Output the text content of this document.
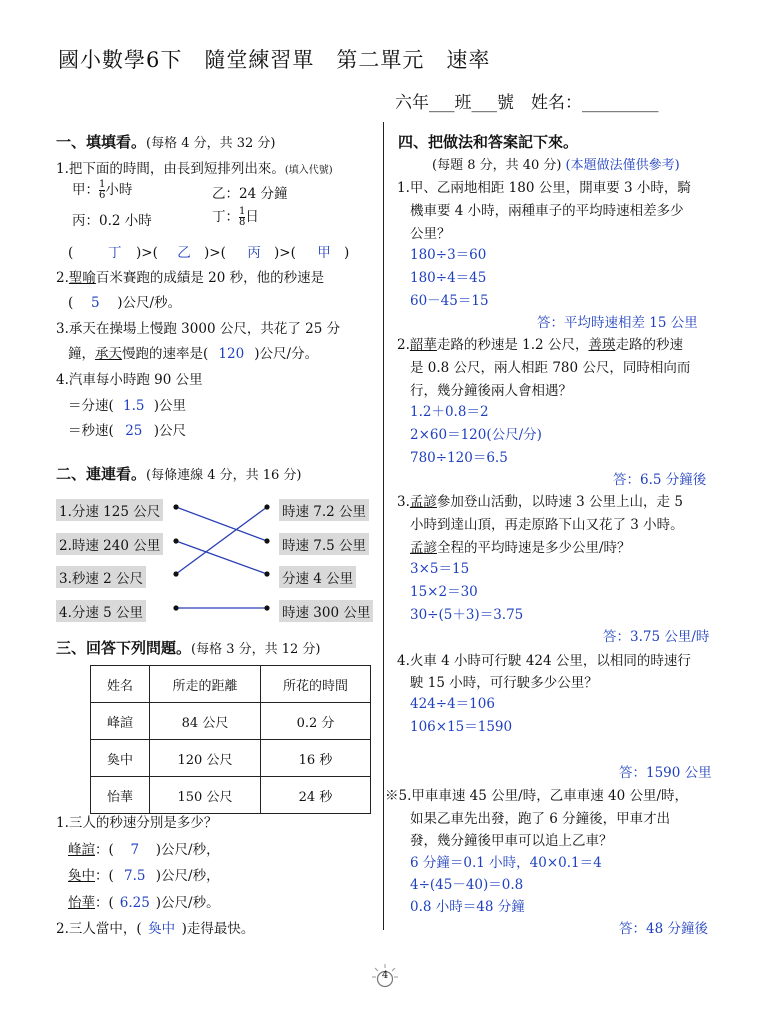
國小數學6下　隨堂練習單　第二單元　速率
六年___班___號　姓名：_________
一、填填看。(每格 4 分，共 32 分)
1.把下面的時間，由長到短排列出來。(填入代號)
甲： $\frac{1}{6}$ 小時	乙：24 分鐘
丙：0.2 小時	丁： $\frac{1}{8}$ 日
(	丁 )>( 乙 )>( 丙 )>( 甲 )
2.聖喻百米賽跑的成績是 20 秒，他的秒速是
( 5 )公尺/秒。
3.承天在操場上慢跑 3000 公尺，共花了 25 分
鐘，承天慢跑的速率是( 120 )公尺/分。
4.汽車每小時跑 90 公里
＝分速( 1.5 )公里
＝秒速( 25 )公尺
二、連連看。(每條連線 4 分，共 16 分)
1.分速 125 公尺
2.時速 240 公里
3.秒速 2 公尺
4.分速 5 公里
時速 7.2 公里
時速 7.5 公里
分速 4 公里
時速 300 公里
三、回答下列問題。(每格 3 分，共 12 分)
姓名	所走的距離	所花的時間
峰諠	84 公尺	0.2 分
奐中	120 公尺	16 秒
怡華	150 公尺	24 秒
1.三人的秒速分別是多少？
峰諠：( 7 )公尺/秒，
奐中：( 7.5 )公尺/秒，
怡華：( 6.25 )公尺/秒。
2.三人當中，( 奐中 )走得最快。
四、把做法和答案記下來。
(每題 8 分，共 40 分) (本題做法僅供參考)
1.甲、乙兩地相距 180 公里，開車要 3 小時，騎
機車要 4 小時，兩種車子的平均時速相差多少
公里？
180÷3＝60
180÷4＝45
60－45＝15
答：平均時速相差 15 公里
2.韶華走路的秒速是 1.2 公尺，善瑛走路的秒速
是 0.8 公尺，兩人相距 780 公尺，同時相向而
行，幾分鐘後兩人會相遇？
1.2＋0.8＝2
2×60＝120(公尺/分)
780÷120＝6.5
答：6.5 分鐘後
3.孟諺參加登山活動，以時速 3 公里上山，走 5
小時到達山頂，再走原路下山又花了 3 小時。
孟諺全程的平均時速是多少公里/時？
3×5＝15
15×2＝30
30÷(5＋3)＝3.75
答：3.75 公里/時
4.火車 4 小時可行駛 424 公里，以相同的時速行
駛 15 小時，可行駛多少公里？
424÷4＝106
106×15＝1590
答：1590 公里
※5.甲車車速 45 公里/時，乙車車速 40 公里/時，
如果乙車先出發，跑了 6 分鐘後，甲車才出
發，幾分鐘後甲車可以追上乙車？
6 分鐘＝0.1 小時，40×0.1＝4
4÷(45－40)＝0.8
0.8 小時＝48 分鐘
答：48 分鐘後
4
